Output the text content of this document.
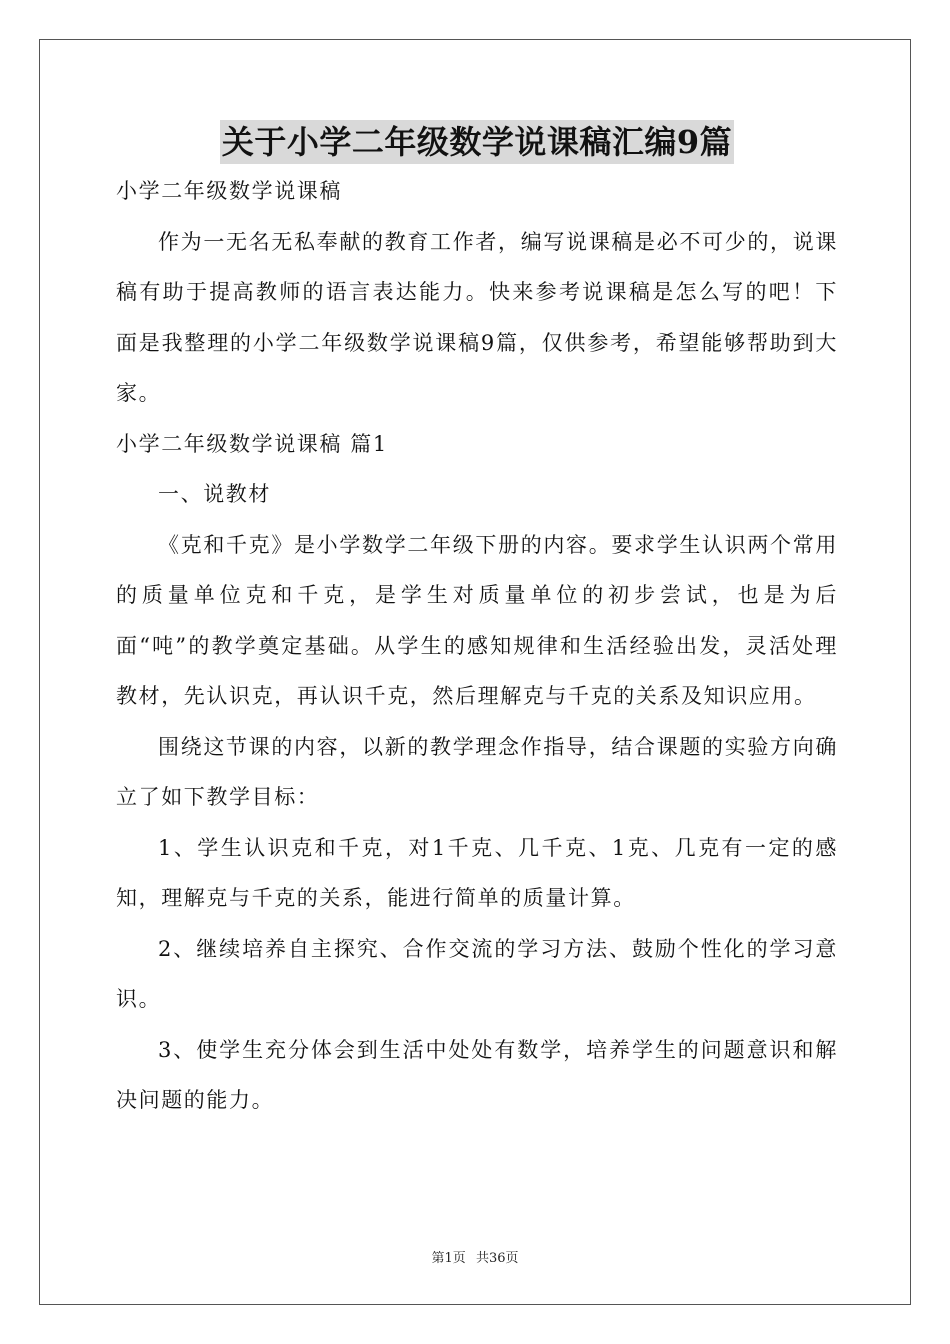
关于小学二年级数学说课稿汇编9篇

小学二年级数学说课稿

作为一无名无私奉献的教育工作者，编写说课稿是必不可少的，说课稿有助于提高教师的语言表达能力。快来参考说课稿是怎么写的吧！下面是我整理的小学二年级数学说课稿9篇，仅供参考，希望能够帮助到大家。

小学二年级数学说课稿 篇1

一、说教材

《克和千克》是小学数学二年级下册的内容。要求学生认识两个常用的质量单位克和千克，是学生对质量单位的初步尝试，也是为后面“吨”的教学奠定基础。从学生的感知规律和生活经验出发，灵活处理教材，先认识克，再认识千克，然后理解克与千克的关系及知识应用。

围绕这节课的内容，以新的教学理念作指导，结合课题的实验方向确立了如下教学目标：

1、学生认识克和千克，对1千克、几千克、1克、几克有一定的感知，理解克与千克的关系，能进行简单的质量计算。

2、继续培养自主探究、合作交流的学习方法、鼓励个性化的学习意识。

3、使学生充分体会到生活中处处有数学，培养学生的问题意识和解决问题的能力。

第1页 共36页
